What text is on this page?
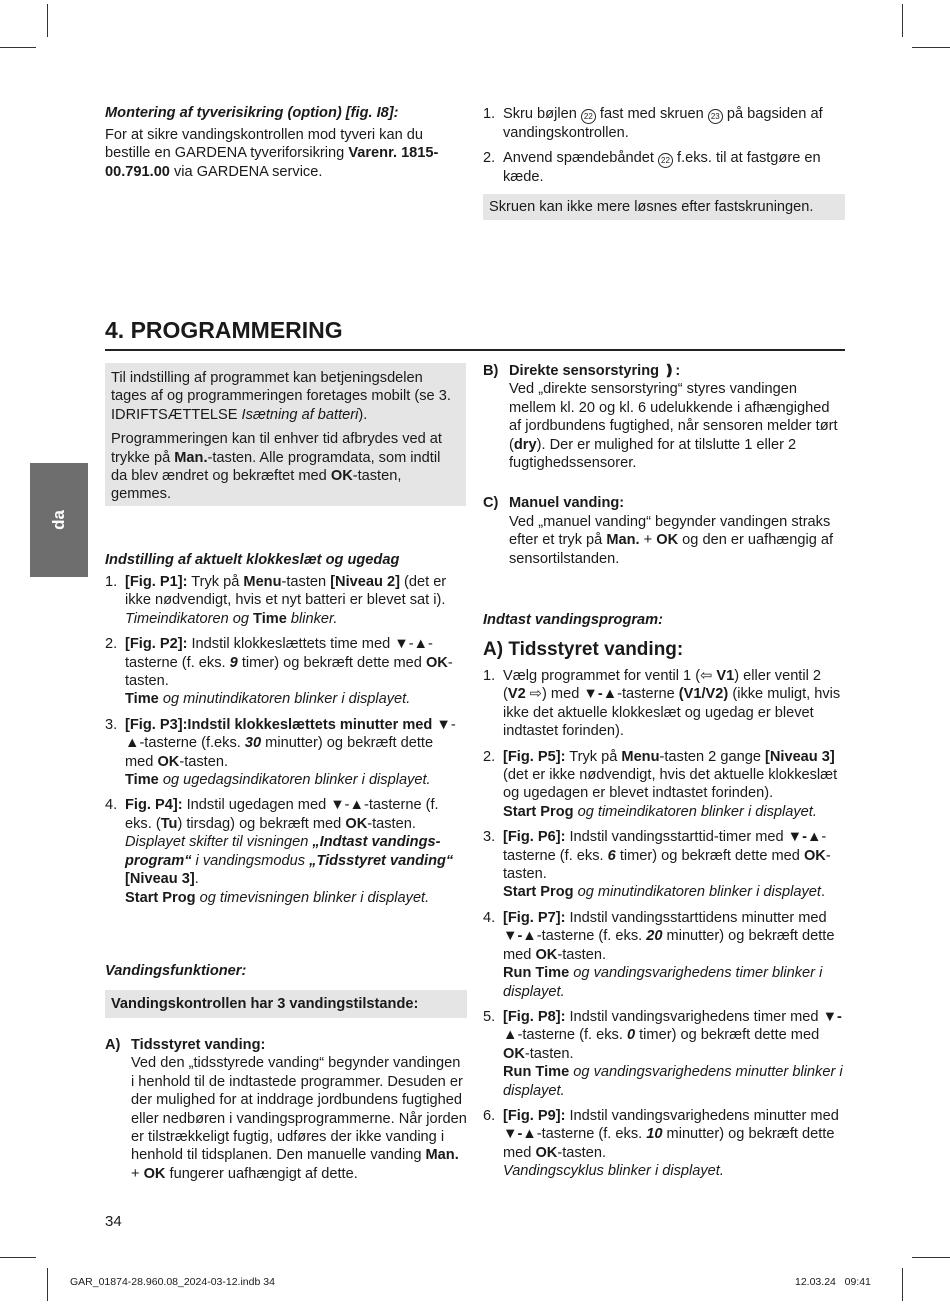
da
Montering af tyverisikring (option) [fig. I8]:

For at sikre vandingskontrollen mod tyveri kan du bestille en GARDENA tyveriforsikring Varenr. 1815-00.791.00 via GARDENA service.

1. Skru bøjlen 22 fast med skruen 23 på bagsiden af vandingskontrollen.
2. Anvend spændebåndet 22 f.eks. til at fastgøre en kæde.
Skruen kan ikke mere løsnes efter fastskruningen.
4. PROGRAMMERING

Til indstilling af programmet kan betjeningsdelen tages af og programmeringen foretages mobilt (se 3. IDRIFTSÆTTELSE Isætning af batteri).

Programmeringen kan til enhver tid afbrydes ved at trykke på Man.-tasten. Alle programdata, som indtil da blev ændret og bekræftet med OK-tasten, gemmes.

Indstilling af aktuelt klokkeslæt og ugedag
1. [Fig. P1]: Tryk på Menu-tasten [Niveau 2] (det er ikke nødvendigt, hvis et nyt batteri er blevet sat i).
Timeindikatoren og Time blinker.
2. [Fig. P2]: Indstil klokkeslættets time med ▼-▲-tasterne (f. eks. 9 timer) og bekræft dette med OK-tasten.
Time og minutindikatoren blinker i displayet.
3. [Fig. P3]:Indstil klokkeslættets minutter med ▼-▲-tasterne (f.eks. 30 minutter) og bekræft dette med OK-tasten.
Time og ugedagsindikatoren blinker i displayet.
4. Fig. P4]: Indstil ugedagen med ▼-▲-tasterne (f. eks. (Tu) tirsdag) og bekræft med OK-tasten.
Displayet skifter til visningen „Indtast vandingsprogram“ i vandingsmodus „Tidsstyret vanding“ [Niveau 3].
Start Prog og timevisningen blinker i displayet.
Vandingsfunktioner:
Vandingskontrollen har 3 vandingstilstande:
A) Tidsstyret vanding:
Ved den „tidsstyrede vanding“ begynder vandingen i henhold til de indtastede programmer. Desuden er der mulighed for at inddrage jordbundens fugtighed eller nedbøren i vandingsprogrammerne. Når jorden er tilstrækkeligt fugtig, udføres der ikke vanding i henhold til tidsplanen. Den manuelle vanding Man. + OK fungerer uafhængigt af dette.
B) Direkte sensorstyring ❫:
Ved „direkte sensorstyring“ styres vandingen mellem kl. 20 og kl. 6 udelukkende i afhængighed af jordbundens fugtighed, når sensoren melder tørt (dry). Der er mulighed for at tilslutte 1 eller 2 fugtighedssensorer.
C) Manuel vanding:
Ved „manuel vanding“ begynder vandingen straks efter et tryk på Man. + OK og den er uafhængig af sensortilstanden.
Indtast vandingsprogram:
A) Tidsstyret vanding:
1. Vælg programmet for ventil 1 (⇦ V1) eller ventil 2 (V2 ⇨) med ▼-▲-tasterne (V1/V2) (ikke muligt, hvis ikke det aktuelle klokkeslæt og ugedag er blevet indtastet forinden).
2. [Fig. P5]: Tryk på Menu-tasten 2 gange [Niveau 3] (det er ikke nødvendigt, hvis det aktuelle klokkeslæt og ugedagen er blevet indtastet forinden).
Start Prog og timeindikatoren blinker i displayet.
3. [Fig. P6]: Indstil vandingsstarttid-timer med ▼-▲-tasterne (f. eks. 6 timer) og bekræft dette med OK-tasten.
Start Prog og minutindikatoren blinker i displayet.
4. [Fig. P7]: Indstil vandingsstarttidens minutter med ▼-▲-tasterne (f. eks. 20 minutter) og bekræft dette med OK-tasten.
Run Time og vandingsvarighedens timer blinker i displayet.
5. [Fig. P8]: Indstil vandingsvarighedens timer med ▼-▲-tasterne (f. eks. 0 timer) og bekræft dette med OK-tasten.
Run Time og vandingsvarighedens minutter blinker i displayet.
6. [Fig. P9]: Indstil vandingsvarighedens minutter med ▼-▲-tasterne (f. eks. 10 minutter) og bekræft dette med OK-tasten.
Vandingscyklus blinker i displayet.
34
GAR_01874-28.960.08_2024-03-12.indb 34	12.03.24   09:41
